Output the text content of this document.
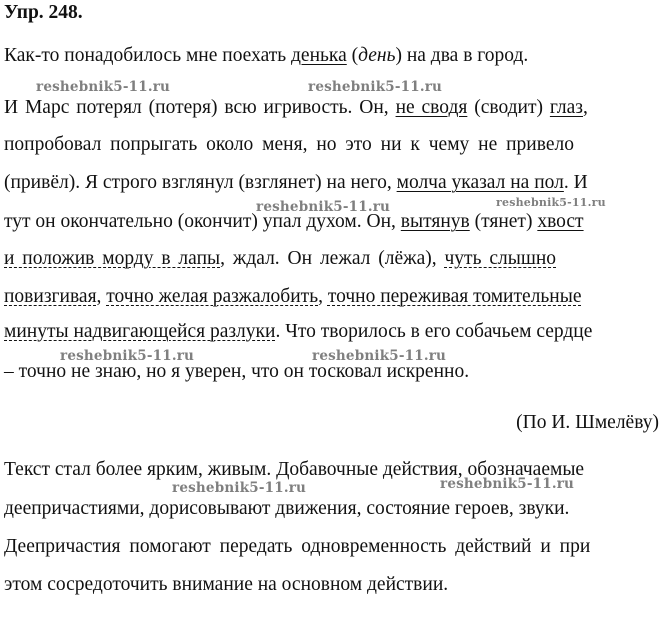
Упр. 248.
Как-то понадобилось мне поехать денька (день) на два в город.
reshebnik5-11.ru	reshebnik5-11.ru
И Марс потерял (потеря) всю игривость. Он, не сводя (сводит) глаз,
попробовал попрыгать около меня, но это ни к чему не привело
(привёл). Я строго взглянул (взглянет) на него, молча указал на пол. И
reshebnik5-11.ru	reshebnik5-11.ru
тут он окончательно (окончит) упал духом. Он, вытянув (тянет) хвост
и положив морду в лапы, ждал. Он лежал (лёжа), чуть слышно
повизгивая, точно желая разжалобить, точно переживая томительные
минуты надвигающейся разлуки. Что творилось в его собачьем сердце
reshebnik5-11.ru	reshebnik5-11.ru
– точно не знаю, но я уверен, что он тосковал искренно.
(По И. Шмелёву)
Текст стал более ярким, живым. Добавочные действия, обозначаемые
reshebnik5-11.ru	reshebnik5-11.ru
деепричастиями, дорисовывают движения, состояние героев, звуки.
Деепричастия помогают передать одновременность действий и при
этом сосредоточить внимание на основном действии.
